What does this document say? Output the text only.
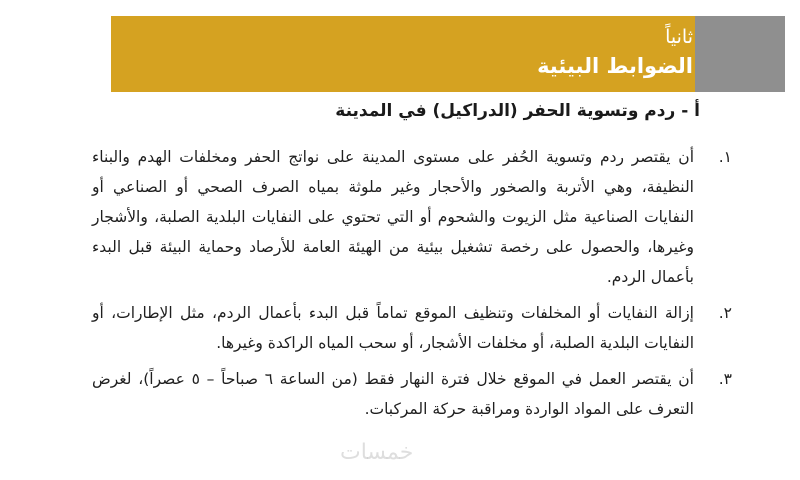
ثانياً
الضوابط البيئية
أ - ردم وتسوية الحفر (الدراكيل) في المدينة
١.
أن يقتصر ردم وتسوية الحُفر على مستوى المدينة على نواتج الحفر ومخلفات الهدم والبناء النظيفة، وهي الأتربة والصخور والأحجار وغير ملوثة بمياه الصرف الصحي أو الصناعي أو النفايات الصناعية مثل الزيوت والشحوم أو التي تحتوي على النفايات البلدية الصلبة، والأشجار وغيرها، والحصول على رخصة تشغيل بيئية من الهيئة العامة للأرصاد وحماية البيئة قبل البدء بأعمال الردم.
٢.
إزالة النفايات أو المخلفات وتنظيف الموقع تماماً قبل البدء بأعمال الردم، مثل الإطارات، أو النفايات البلدية الصلبة، أو مخلفات الأشجار، أو سحب المياه الراكدة وغيرها.
٣.
أن يقتصر العمل في الموقع خلال فترة النهار فقط (من الساعة ٦ صباحاً – ٥ عصراً)، لغرض التعرف على المواد الواردة ومراقبة حركة المركبات.
خمسات
